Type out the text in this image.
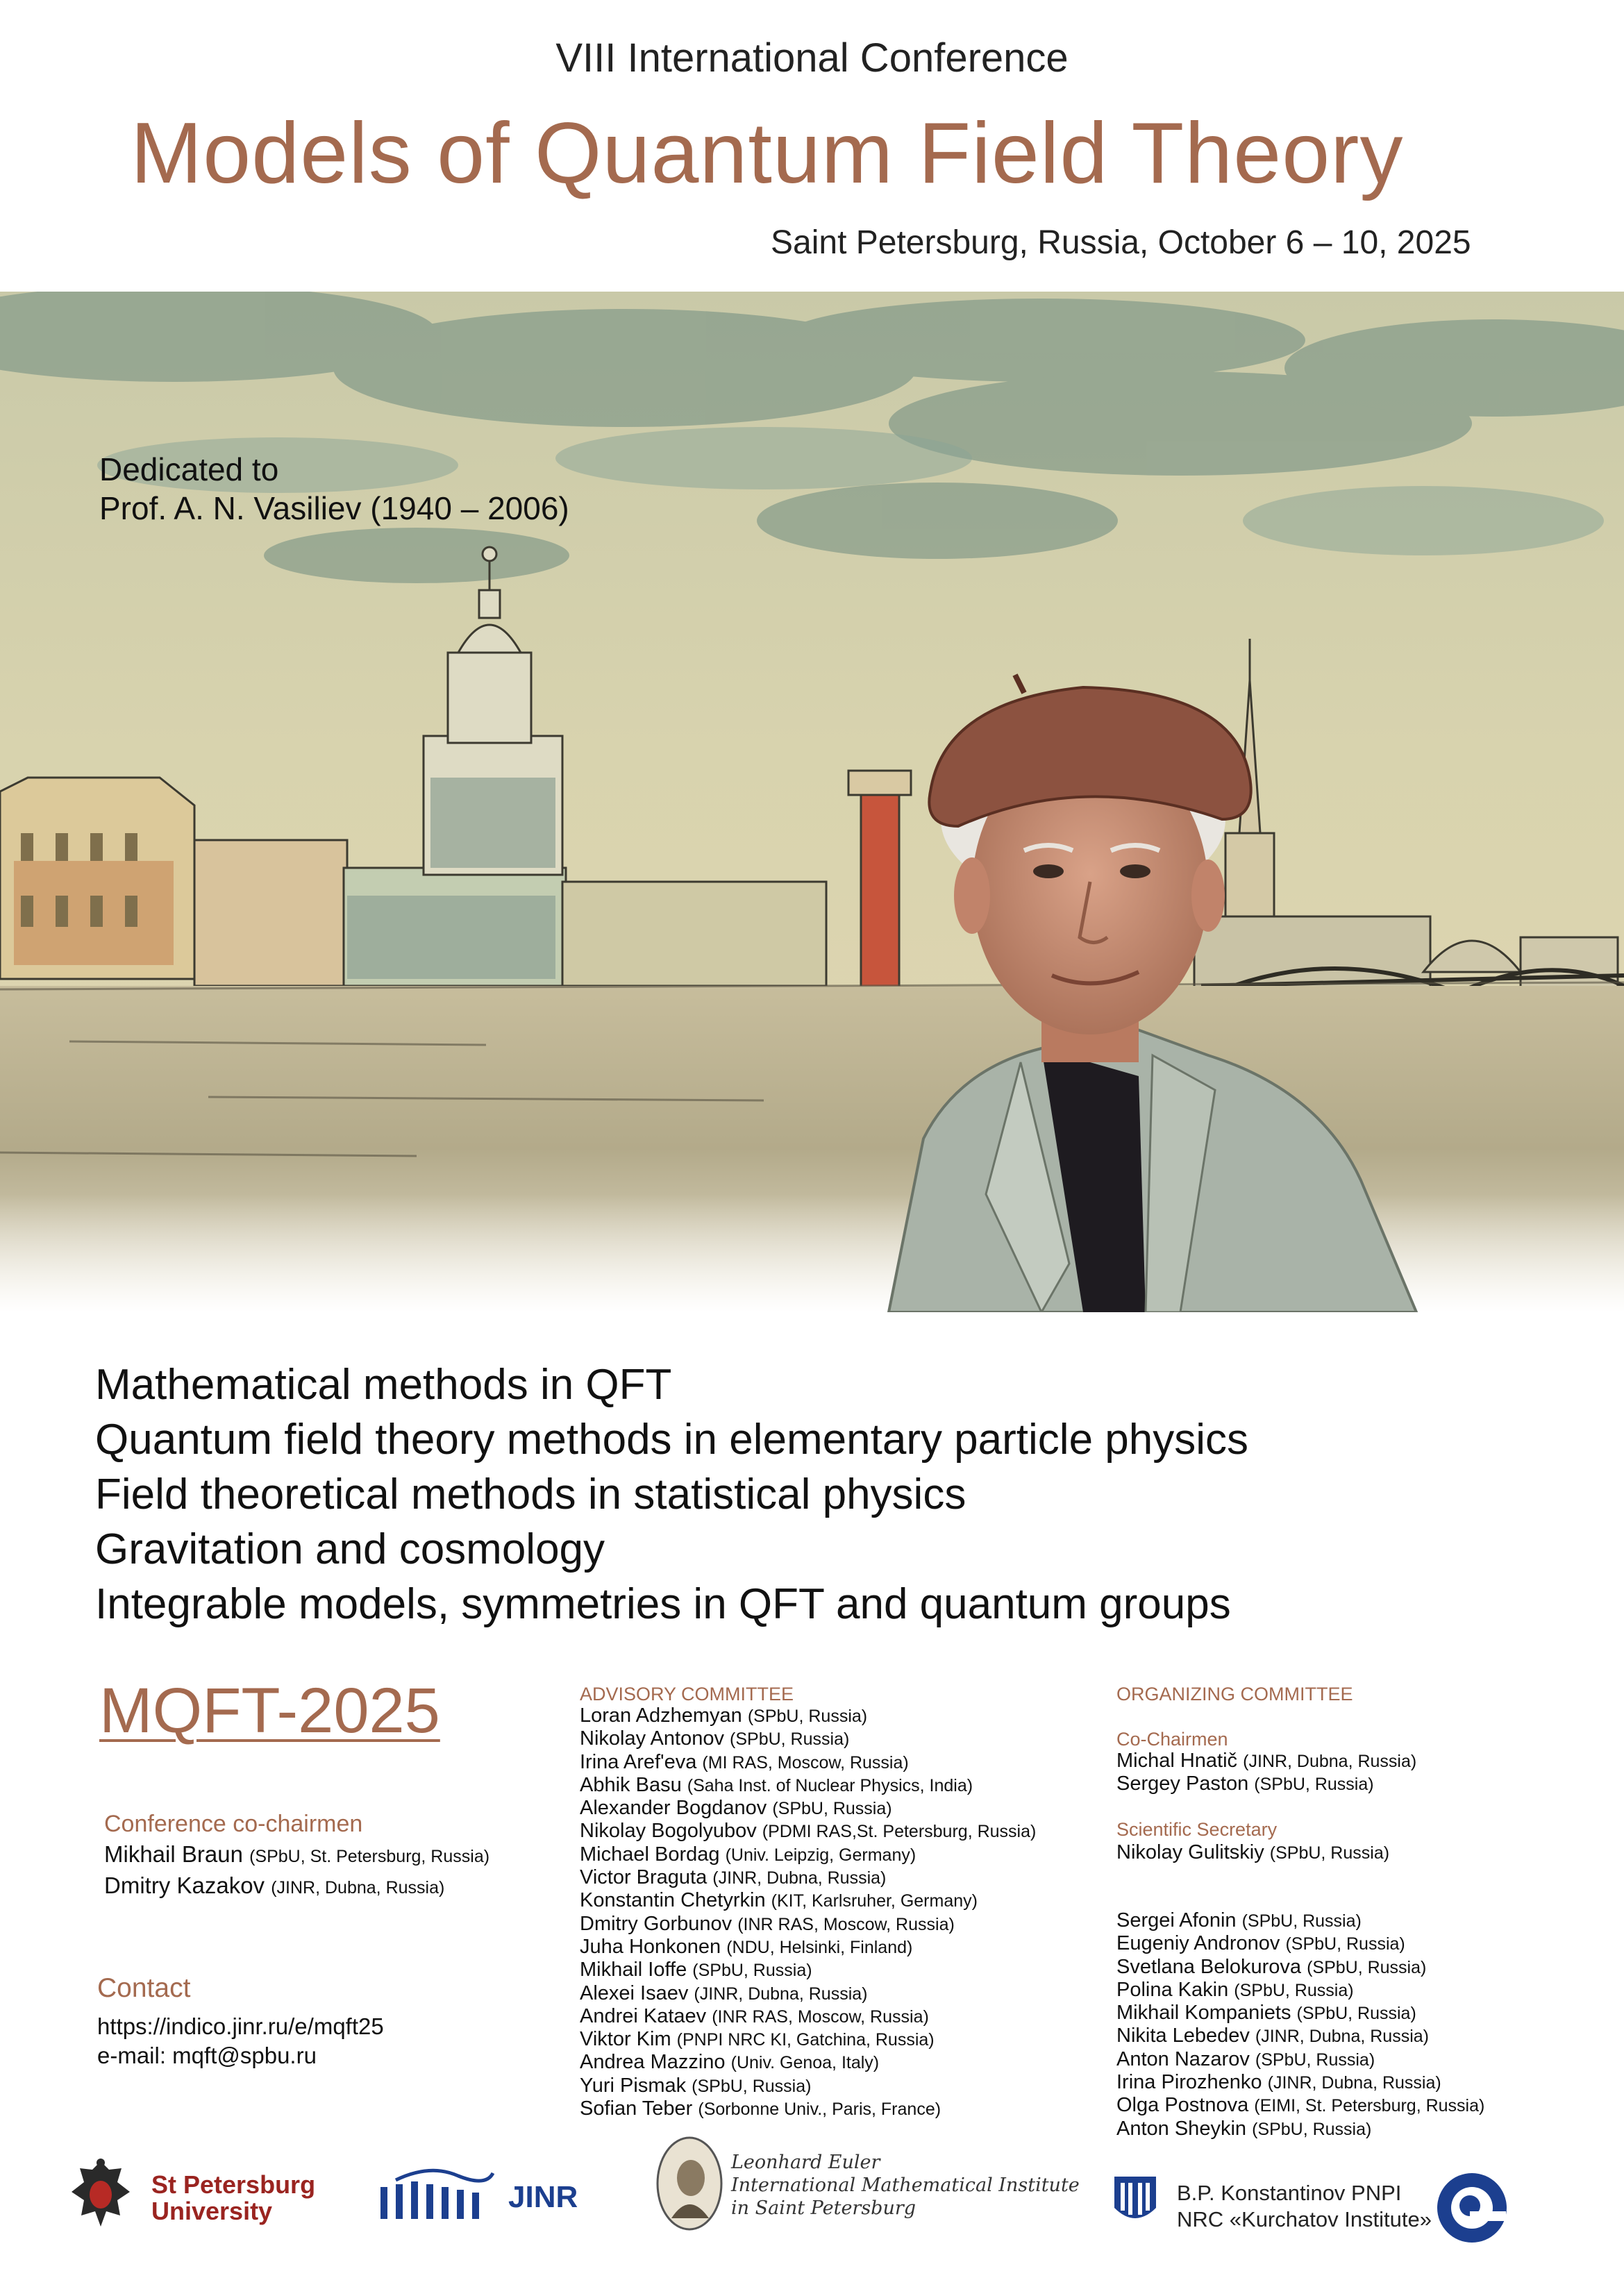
VIII International Conference
Models of Quantum Field Theory
Saint Petersburg, Russia, October 6 – 10, 2025
Dedicated to
Prof. A. N. Vasiliev (1940 – 2006)
Mathematical methods in QFT
Quantum field theory methods in elementary particle physics
Field theoretical methods in statistical physics
Gravitation and cosmology
Integrable models, symmetries in QFT and quantum groups
MQFT-2025
Conference co-chairmen
Mikhail Braun (SPbU, St. Petersburg, Russia)
Dmitry Kazakov (JINR, Dubna, Russia)
Contact
https://indico.jinr.ru/e/mqft25
e-mail: mqft@spbu.ru
ADVISORY COMMITTEE
Loran Adzhemyan (SPbU, Russia)
Nikolay Antonov (SPbU, Russia)
Irina Aref'eva (MI RAS, Moscow, Russia)
Abhik Basu (Saha Inst. of Nuclear Physics, India)
Alexander Bogdanov (SPbU, Russia)
Nikolay Bogolyubov (PDMI RAS,St. Petersburg, Russia)
Michael Bordag (Univ. Leipzig, Germany)
Victor Braguta (JINR, Dubna, Russia)
Konstantin Chetyrkin (KIT, Karlsruher, Germany)
Dmitry Gorbunov (INR RAS, Moscow, Russia)
Juha Honkonen (NDU, Helsinki, Finland)
Mikhail Ioffe (SPbU, Russia)
Alexei Isaev (JINR, Dubna, Russia)
Andrei Kataev (INR RAS, Moscow, Russia)
Viktor Kim (PNPI NRC KI, Gatchina, Russia)
Andrea Mazzino (Univ. Genoa, Italy)
Yuri Pismak (SPbU, Russia)
Sofian Teber (Sorbonne Univ., Paris, France)
ORGANIZING COMMITTEE
Co-Chairmen
Michal Hnatič (JINR, Dubna, Russia)
Sergey Paston (SPbU, Russia)
Scientific Secretary
Nikolay Gulitskiy (SPbU, Russia)
Sergei Afonin (SPbU, Russia)
Eugeniy Andronov (SPbU, Russia)
Svetlana Belokurova (SPbU, Russia)
Polina Kakin (SPbU, Russia)
Mikhail Kompaniets (SPbU, Russia)
Nikita Lebedev (JINR, Dubna, Russia)
Anton Nazarov (SPbU, Russia)
Irina Pirozhenko (JINR, Dubna, Russia)
Olga Postnova (EIMI, St. Petersburg, Russia)
Anton Sheykin (SPbU, Russia)
St Petersburg
University	JINR
Leonhard Euler
International Mathematical Institute
in Saint Petersburg
B.P. Konstantinov PNPI
NRC «Kurchatov Institute»
